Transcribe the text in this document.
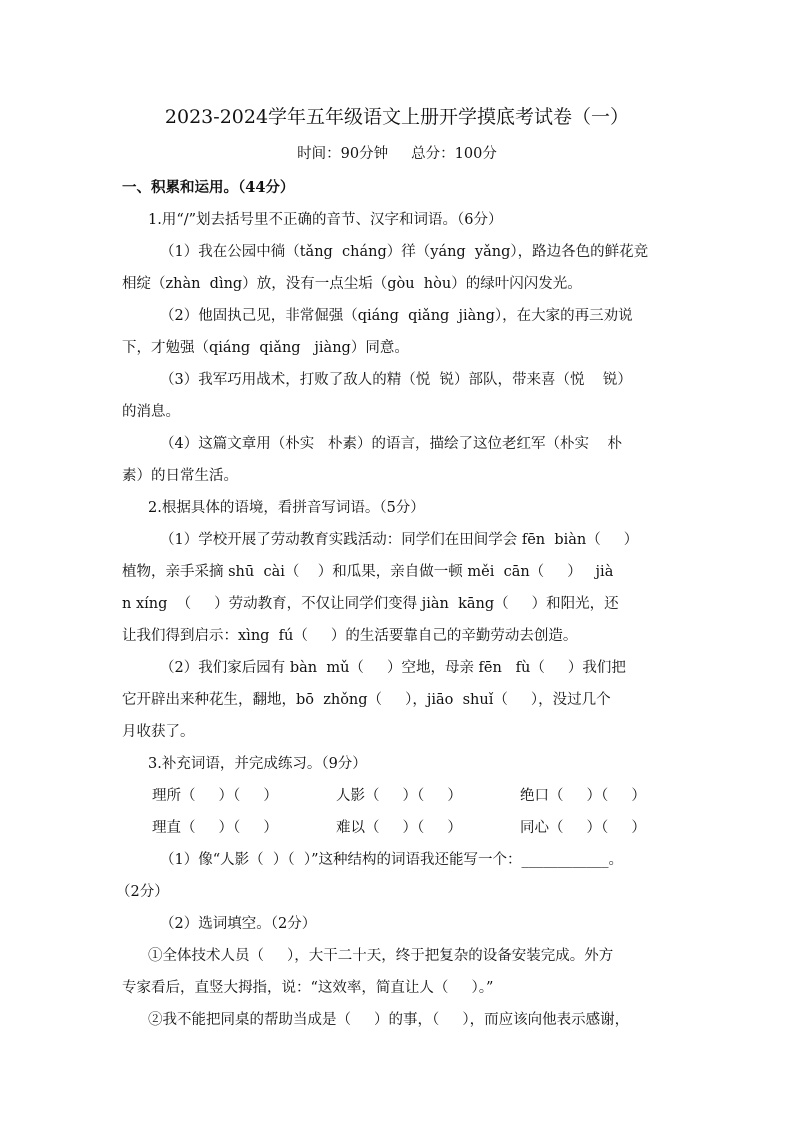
2023-2024学年五年级语文上册开学摸底考试卷（一）
时间：90分钟     总分：100分
一、积累和运用。（44分）
1.用“/”划去括号里不正确的音节、汉字和词语。（6分）
（1）我在公园中徜（tǎng  cháng）徉（yáng  yǎng），路边各色的鲜花竞
相绽（zhàn  dìng）放，没有一点尘垢（gòu  hòu）的绿叶闪闪发光。
（2）他固执己见，非常倔强（qiáng  qiǎng  jiàng），在大家的再三劝说
下，才勉强（qiáng  qiǎng   jiàng）同意。
（3）我军巧用战术，打败了敌人的精（悦  锐）部队，带来喜（悦    锐）
的消息。
（4）这篇文章用（朴实   朴素）的语言，描绘了这位老红军（朴实    朴
素）的日常生活。
2.根据具体的语境，看拼音写词语。（5分）
（1）学校开展了劳动教育实践活动：同学们在田间学会 fēn  biàn（     ）
植物，亲手采摘 shū  cài（    ）和瓜果，亲自做一顿 měi  cān（     ）   jià
n xíng  （     ）劳动教育，不仅让同学们变得 jiàn  kāng（     ）和阳光，还
让我们得到启示：xìng  fú（     ）的生活要靠自己的辛勤劳动去创造。
（2）我们家后园有 bàn  mǔ（     ）空地，母亲 fēn   fù（     ）我们把
它开辟出来种花生，翻地，bō  zhǒng（     ），jiāo  shuǐ（     ），没过几个
月收获了。
3.补充词语，并完成练习。（9分）
理所（     ）（     ）	人影（     ）（     ）	绝口（     ）（     ）
理直（     ）（     ）	难以（     ）（     ）	同心（     ）（     ）
（1）像“人影（  ）（  ）”这种结构的词语我还能写一个：____________。
（2分）
（2）选词填空。（2分）
①全体技术人员（     ），大干二十天，终于把复杂的设备安装完成。外方
专家看后，直竖大拇指，说：“这效率，简直让人（     ）。”
②我不能把同桌的帮助当成是（     ）的事，（     ），而应该向他表示感谢，
